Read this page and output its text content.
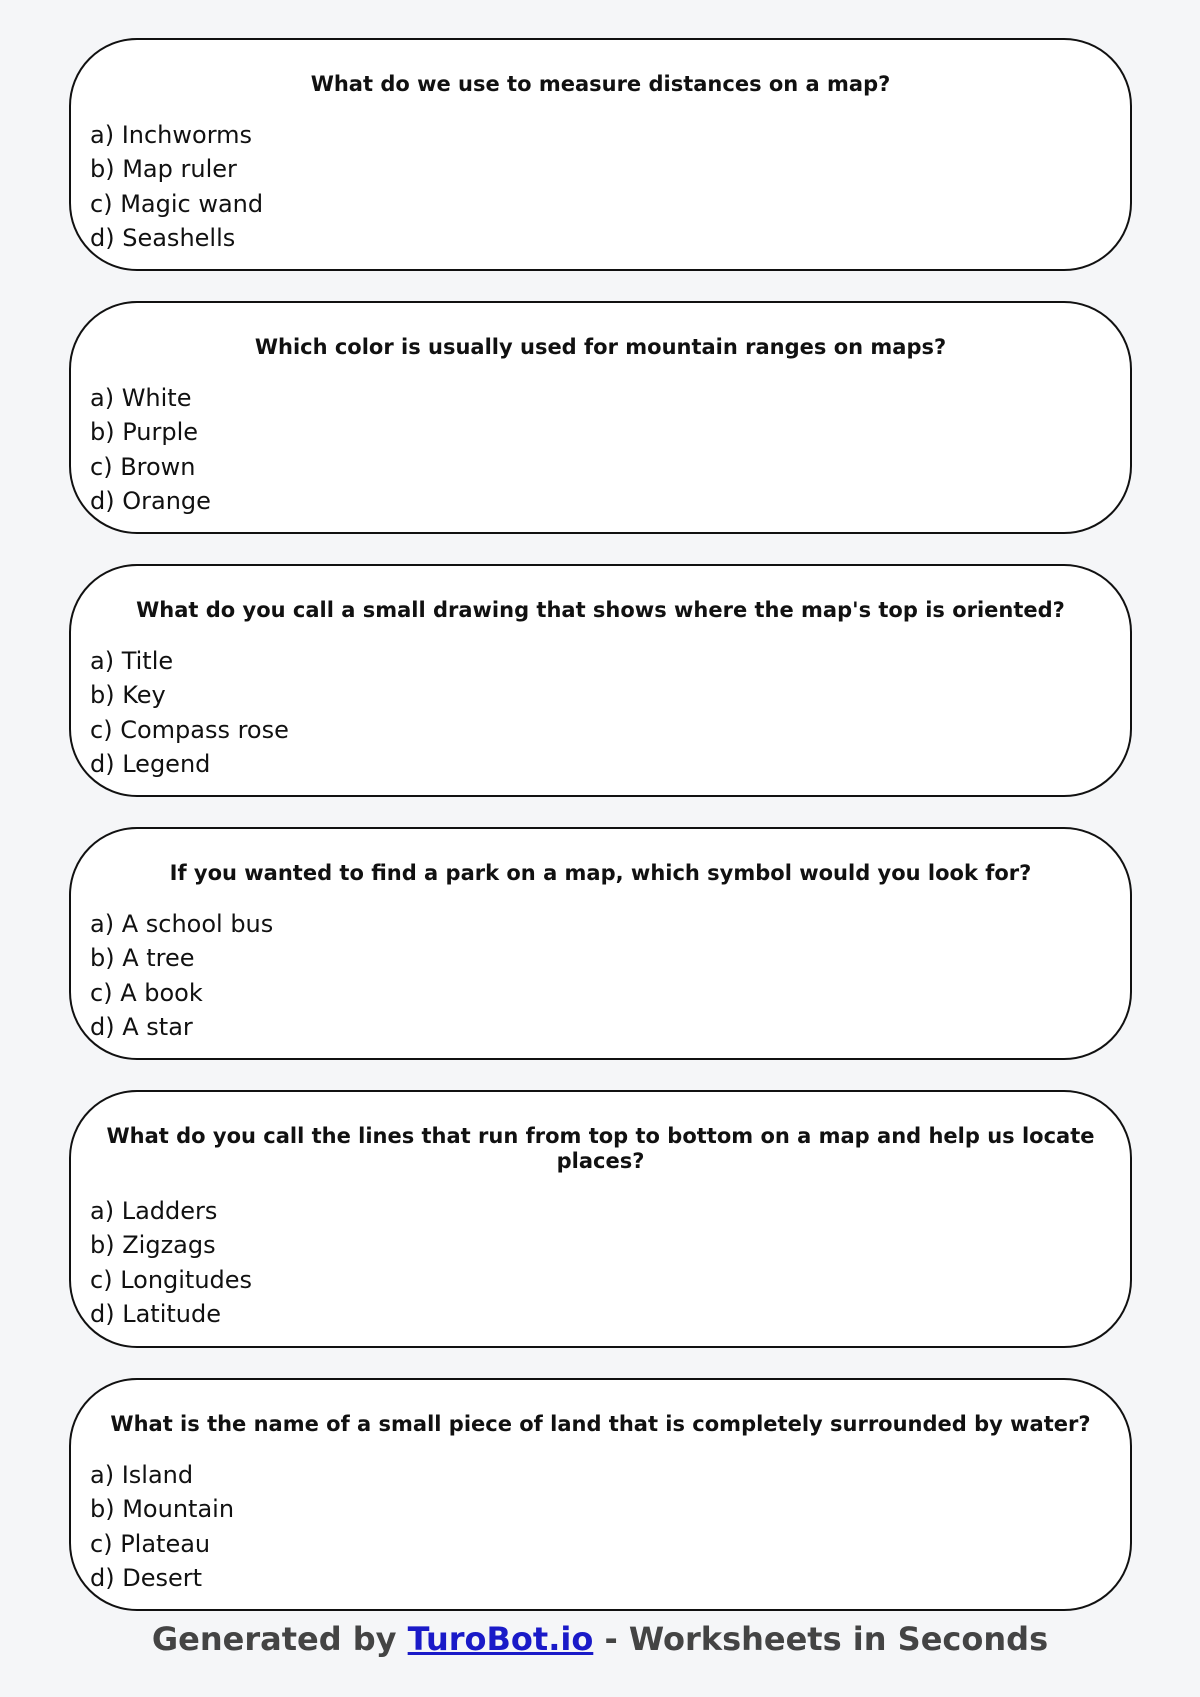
What do we use to measure distances on a map?

a) Inchworms
b) Map ruler
c) Magic wand
d) Seashells

Which color is usually used for mountain ranges on maps?

a) White
b) Purple
c) Brown
d) Orange

What do you call a small drawing that shows where the map's top is oriented?

a) Title
b) Key
c) Compass rose
d) Legend

If you wanted to find a park on a map, which symbol would you look for?

a) A school bus
b) A tree
c) A book
d) A star

What do you call the lines that run from top to bottom on a map and help us locate places?

a) Ladders
b) Zigzags
c) Longitudes
d) Latitude

What is the name of a small piece of land that is completely surrounded by water?

a) Island
b) Mountain
c) Plateau
d) Desert
Generated by TuroBot.io - Worksheets in Seconds
